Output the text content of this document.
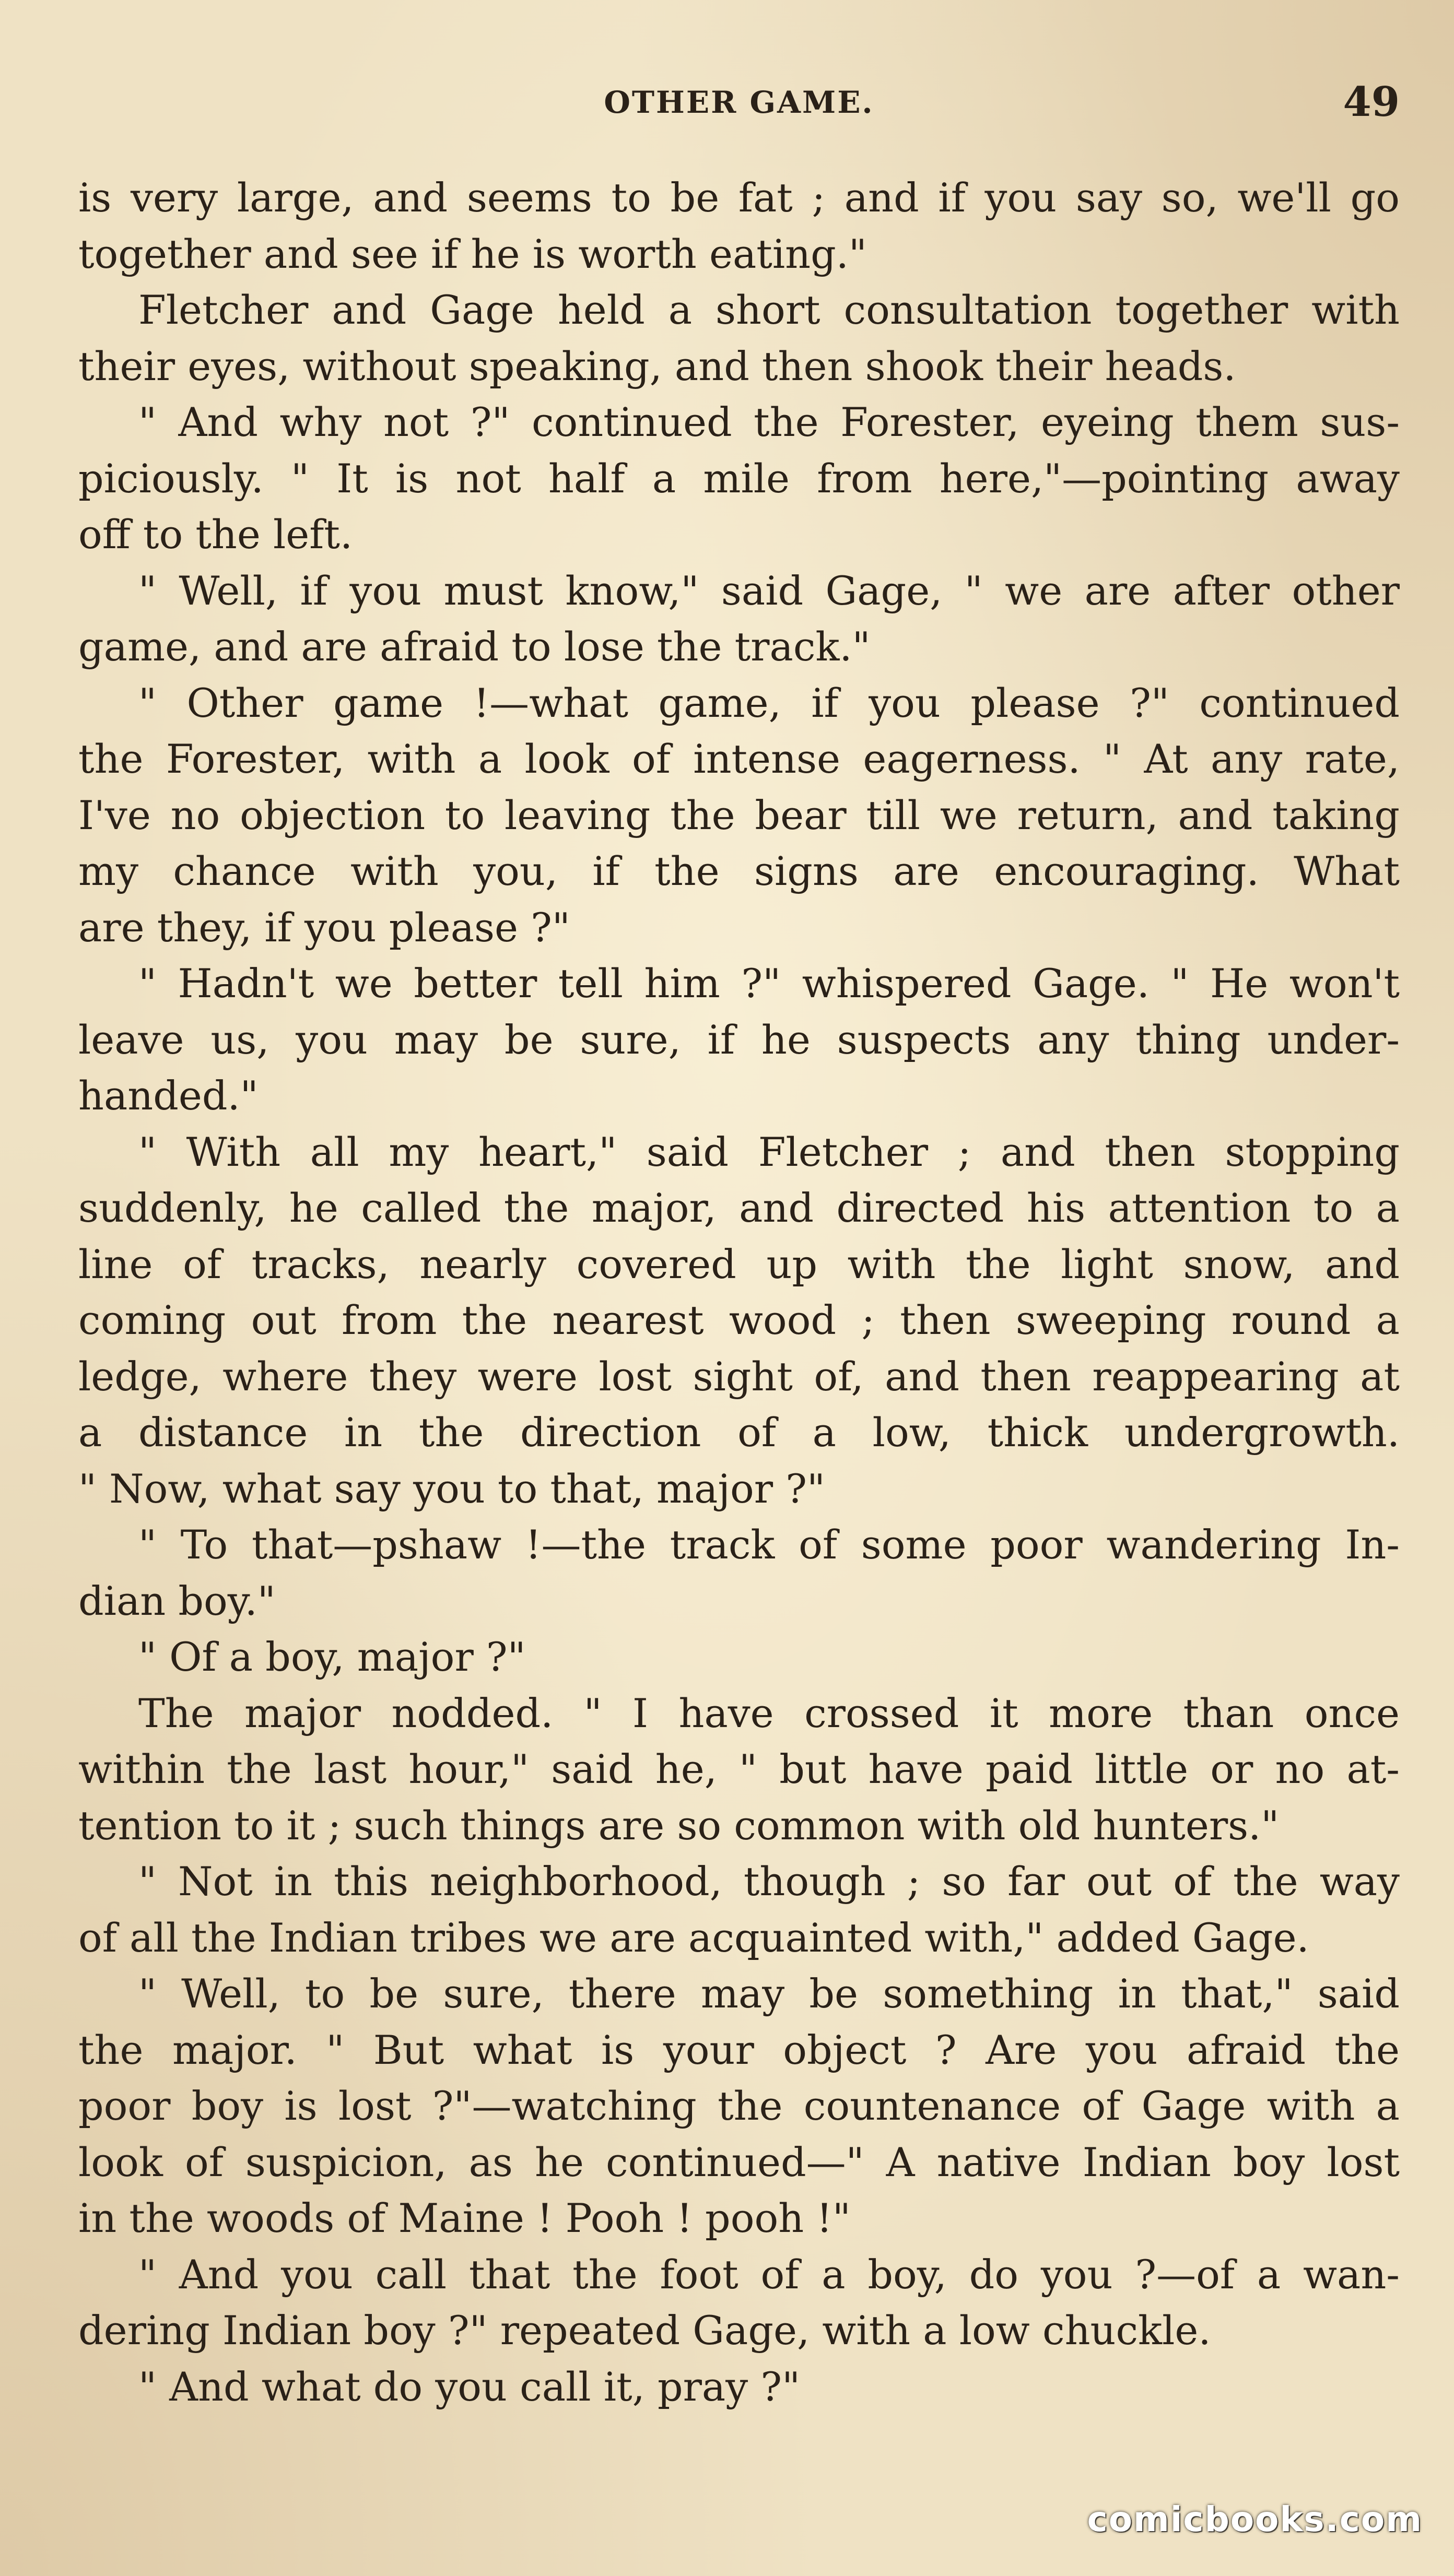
OTHER GAME.	49
is very large, and seems to be fat ; and if you say so, we'll go
together and see if he is worth eating."
Fletcher and Gage held a short consultation together with
their eyes, without speaking, and then shook their heads.
" And why not ?" continued the Forester, eyeing them sus-
piciously. " It is not half a mile from here,"—pointing away
off to the left.
" Well, if you must know," said Gage, " we are after other
game, and are afraid to lose the track."
" Other game !—what game, if you please ?" continued
the Forester, with a look of intense eagerness. " At any rate,
I've no objection to leaving the bear till we return, and taking
my chance with you, if the signs are encouraging. What
are they, if you please ?"
" Hadn't we better tell him ?" whispered Gage. " He won't
leave us, you may be sure, if he suspects any thing under-
handed."
" With all my heart," said Fletcher ; and then stopping
suddenly, he called the major, and directed his attention to a
line of tracks, nearly covered up with the light snow, and
coming out from the nearest wood ; then sweeping round a
ledge, where they were lost sight of, and then reappearing at
a distance in the direction of a low, thick undergrowth.
" Now, what say you to that, major ?"
" To that—pshaw !—the track of some poor wandering In-
dian boy."
" Of a boy, major ?"
The major nodded. " I have crossed it more than once
within the last hour," said he, " but have paid little or no at-
tention to it ; such things are so common with old hunters."
" Not in this neighborhood, though ; so far out of the way
of all the Indian tribes we are acquainted with," added Gage.
" Well, to be sure, there may be something in that," said
the major. " But what is your object ? Are you afraid the
poor boy is lost ?"—watching the countenance of Gage with a
look of suspicion, as he continued—" A native Indian boy lost
in the woods of Maine ! Pooh ! pooh !"
" And you call that the foot of a boy, do you ?—of a wan-
dering Indian boy ?" repeated Gage, with a low chuckle.
" And what do you call it, pray ?"
comicbooks.com
